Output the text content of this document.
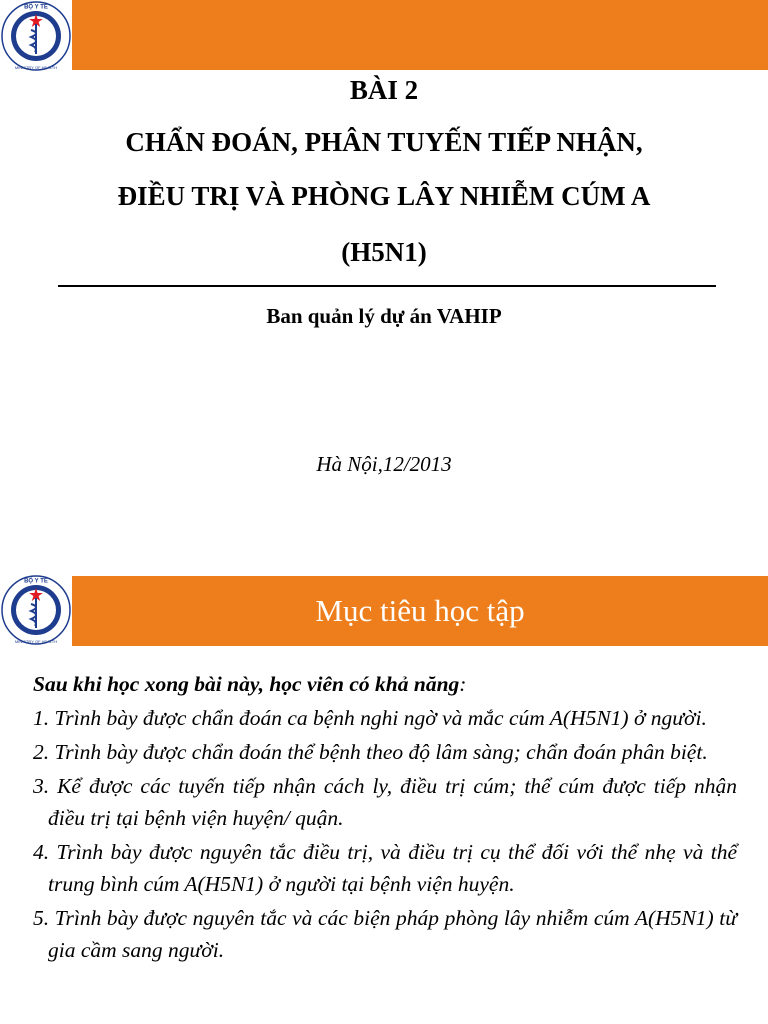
BỘ Y TẾ
MINISTRY OF HEALTH
BÀI 2
CHẨN ĐOÁN, PHÂN TUYẾN TIẾP NHẬN,
ĐIỀU TRỊ VÀ PHÒNG LÂY NHIỄM CÚM A
(H5N1)
Ban quản lý dự án VAHIP
Hà Nội,12/2013
Mục tiêu học tập
BỘ Y TẾ
MINISTRY OF HEALTH

Sau khi học xong bài này, học viên có khả năng:

1. Trình bày được chẩn đoán ca bệnh nghi ngờ và mắc cúm A(H5N1) ở người.

2. Trình bày được chẩn đoán thể bệnh theo độ lâm sàng; chẩn đoán phân biệt.

3. Kể được các tuyến tiếp nhận cách ly, điều trị cúm; thể cúm được tiếp nhận điều trị tại bệnh viện huyện/ quận.

4. Trình bày được nguyên tắc điều trị, và điều trị cụ thể đối với thể nhẹ và thể trung bình cúm A(H5N1) ở người tại bệnh viện huyện.

5. Trình bày được nguyên tắc và các biện pháp phòng lây nhiễm cúm A(H5N1) từ gia cầm sang người.
